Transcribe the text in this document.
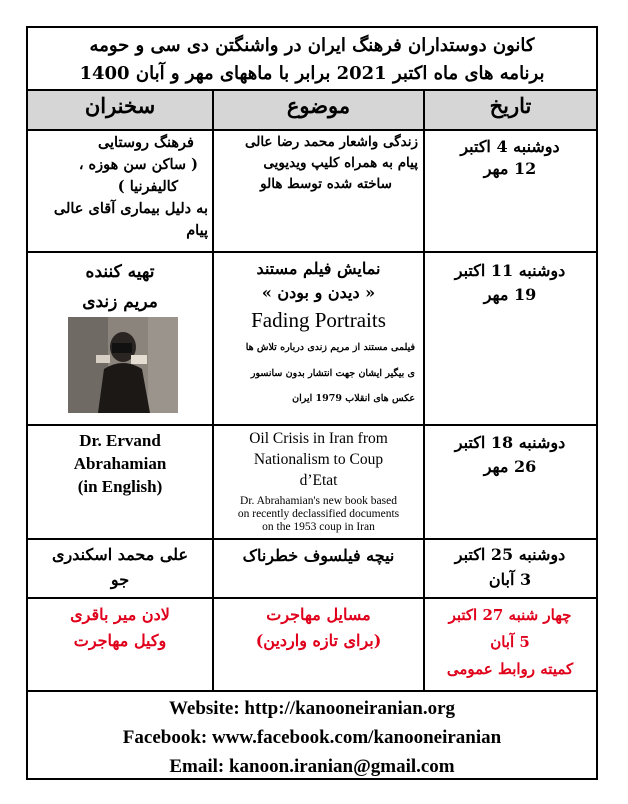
کانون دوستداران فرهنگ ایران در واشنگتن دی سی و حومه
برنامه های ماه اکتبر 2021 برابر با ماههای مهر و آبان 1400
سخنران	موضوع	تاریخ
دوشنبه 4 اکتبر
12 مهر
زندگی واشعار محمد رضا عالی
پیام به همراه کلیپ ویدیویی
ساخته شده توسط هالو
فرهنگ روستایی
( ساکن سن هوزه ،
کالیفرنیا )
به دلیل بیماری آقای عالی
پیام
دوشنبه 11 اکتبر
19 مهر
نمایش فیلم مستند
« دیدن و بودن »
Fading Portraits
فیلمی مستند از مریم زندی درباره تلاش ها
ی بیگیر ایشان جهت انتشار بدون سانسور
عکس های انقلاب 1979 ایران
تهیه کننده
مریم زندی
دوشنبه 18 اکتبر
26 مهر
Oil Crisis in Iran from
Nationalism to Coup
d’Etat
Dr. Abrahamian's new book based
on recently declassified documents
on the 1953 coup in Iran
Dr. Ervand
Abrahamian
(in English)
دوشنبه 25 اکتبر
3 آبان
نیچه فیلسوف خطرناک
علی محمد اسکندری
جو
چهار شنبه 27 اکتبر
5 آبان
کمیته روابط عمومی
مسایل مهاجرت
(برای تازه واردین)
لادن میر باقری
وکیل مهاجرت
Website: http://kanooneiranian.org
Facebook: www.facebook.com/kanooneiranian
Email: kanoon.iranian@gmail.com
